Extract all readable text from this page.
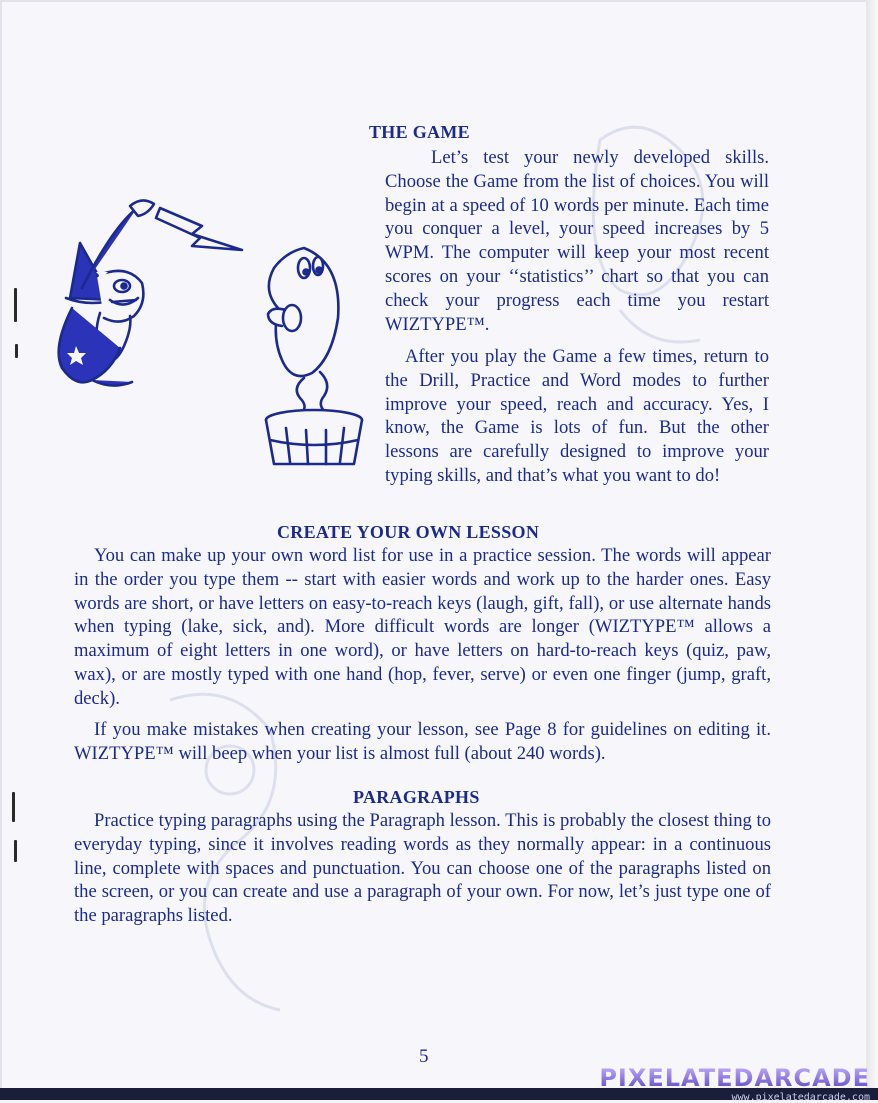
THE GAME

Let’s test your newly developed skills. Choose the Game from the list of choices. You will begin at a speed of 10 words per minute. Each time you conquer a level, your speed increases by 5 WPM. The computer will keep your most recent scores on your ‘‘statistics’’ chart so that you can check your progress each time you restart WIZTYPE™.

After you play the Game a few times, return to the Drill, Practice and Word modes to further improve your speed, reach and accuracy. Yes, I know, the Game is lots of fun. But the other lessons are carefully designed to improve your typing skills, and that’s what you want to do!

CREATE YOUR OWN LESSON

You can make up your own word list for use in a practice session. The words will appear in the order you type them -- start with easier words and work up to the harder ones. Easy words are short, or have letters on easy-to-reach keys (laugh, gift, fall), or use alternate hands when typing (lake, sick, and). More difficult words are longer (WIZTYPE™ allows a maximum of eight letters in one word), or have letters on hard-to-reach keys (quiz, paw, wax), or are mostly typed with one hand (hop, fever, serve) or even one finger (jump, graft, deck).

If you make mistakes when creating your lesson, see Page 8 for guidelines on editing it. WIZTYPE™ will beep when your list is almost full (about 240 words).

PARAGRAPHS

Practice typing paragraphs using the Paragraph lesson. This is probably the closest thing to everyday typing, since it involves reading words as they normally appear: in a continuous line, complete with spaces and punctuation. You can choose one of the paragraphs listed on the screen, or you can create and use a paragraph of your own. For now, let’s just type one of the paragraphs listed.

5
PIXELATEDARCADE
www.pixelatedarcade.com
